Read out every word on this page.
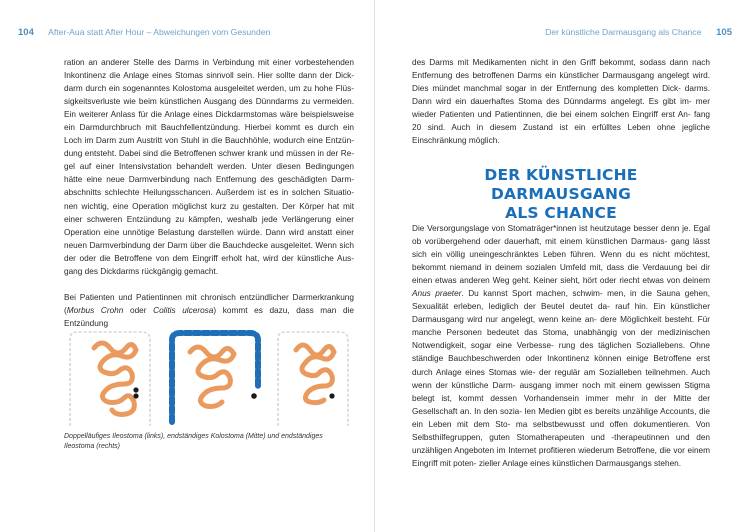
104 After-Aua statt After Hour – Abweichungen vom Gesunden	Der künstliche Darmausgang als Chance 105

ration an anderer Stelle des Darms in Verbindung mit einer vorbestehenden Inkontinenz die Anlage eines Stomas sinnvoll sein. Hier sollte dann der Dick- darm durch ein sogenanntes Kolostoma ausgeleitet werden, um zu hohe Flüs- sigkeitsverluste wie beim künstlichen Ausgang des Dünndarms zu vermeiden. Ein weiterer Anlass für die Anlage eines Dickdarmstomas wäre beispielsweise ein Darmdurchbruch mit Bauchfellentzündung. Hierbei kommt es durch ein Loch im Darm zum Austritt von Stuhl in die Bauchhöhle, wodurch eine Entzün- dung entsteht. Dabei sind die Betroffenen schwer krank und müssen in der Re- gel auf einer Intensivstation behandelt werden. Unter diesen Bedingungen hätte eine neue Darmverbindung nach Entfernung des geschädigten Darm- abschnitts schlechte Heilungsschancen. Außerdem ist es in solchen Situatio- nen wichtig, eine Operation möglichst kurz zu gestalten. Der Körper hat mit einer schweren Entzündung zu kämpfen, weshalb jede Verlängerung einer Operation eine unnötige Belastung darstellen würde. Dann wird anstatt einer neuen Darmverbindung der Darm über die Bauchdecke ausgeleitet. Wenn sich der oder die Betroffene von dem Eingriff erholt hat, wird der künstliche Aus- gang des Dickdarms rückgängig gemacht.

Bei Patienten und Patientinnen mit chronisch entzündlicher Darmerkrankung (Morbus Crohn oder Colitis ulcerosa) kommt es dazu, dass man die Entzündung

Doppelläufiges Ileostoma (links), endständiges Kolostoma (Mitte) und endständiges Ileostoma (rechts)

des Darms mit Medikamenten nicht in den Griff bekommt, sodass dann nach Entfernung des betroffenen Darms ein künstlicher Darmausgang angelegt wird. Dies mündet manchmal sogar in der Entfernung des kompletten Dick- darms. Dann wird ein dauerhaftes Stoma des Dünndarms angelegt. Es gibt im- mer wieder Patienten und Patientinnen, die bei einem solchen Eingriff erst An- fang 20 sind. Auch in diesem Zustand ist ein erfülltes Leben ohne jegliche Einschränkung möglich.

DER KÜNSTLICHE DARMAUSGANG
ALS CHANCE

Die Versorgungslage von Stomaträger*innen ist heutzutage besser denn je. Egal ob vorübergehend oder dauerhaft, mit einem künstlichen Darmaus- gang lässt sich ein völlig uneingeschränktes Leben führen. Wenn du es nicht möchtest, bekommt niemand in deinem sozialen Umfeld mit, dass die Verdauung bei dir einen etwas anderen Weg geht. Keiner sieht, hört oder riecht etwas von deinem Anus praeter. Du kannst Sport machen, schwim- men, in die Sauna gehen, Sexualität erleben, lediglich der Beutel deutet da- rauf hin. Ein künstlicher Darmausgang wird nur angelegt, wenn keine an- dere Möglichkeit besteht. Für manche Personen bedeutet das Stoma, unabhängig von der medizinischen Notwendigkeit, sogar eine Verbesse- rung des täglichen Soziallebens. Ohne ständige Bauchbeschwerden oder Inkontinenz können einige Betroffene erst durch Anlage eines Stomas wie- der regulär am Sozialleben teilnehmen. Auch wenn der künstliche Darm- ausgang immer noch mit einem gewissen Stigma belegt ist, kommt dessen Vorhandensein immer mehr in der Mitte der Gesellschaft an. In den sozia- len Medien gibt es bereits unzählige Accounts, die ein Leben mit dem Sto- ma selbstbewusst und offen dokumentieren. Von Selbsthilfegruppen, guten Stomatherapeuten und -therapeutinnen und den unzähligen Angeboten im Internet profitieren wiederum Betroffene, die vor einem Eingriff mit poten- zieller Anlage eines künstlichen Darmausgangs stehen.
